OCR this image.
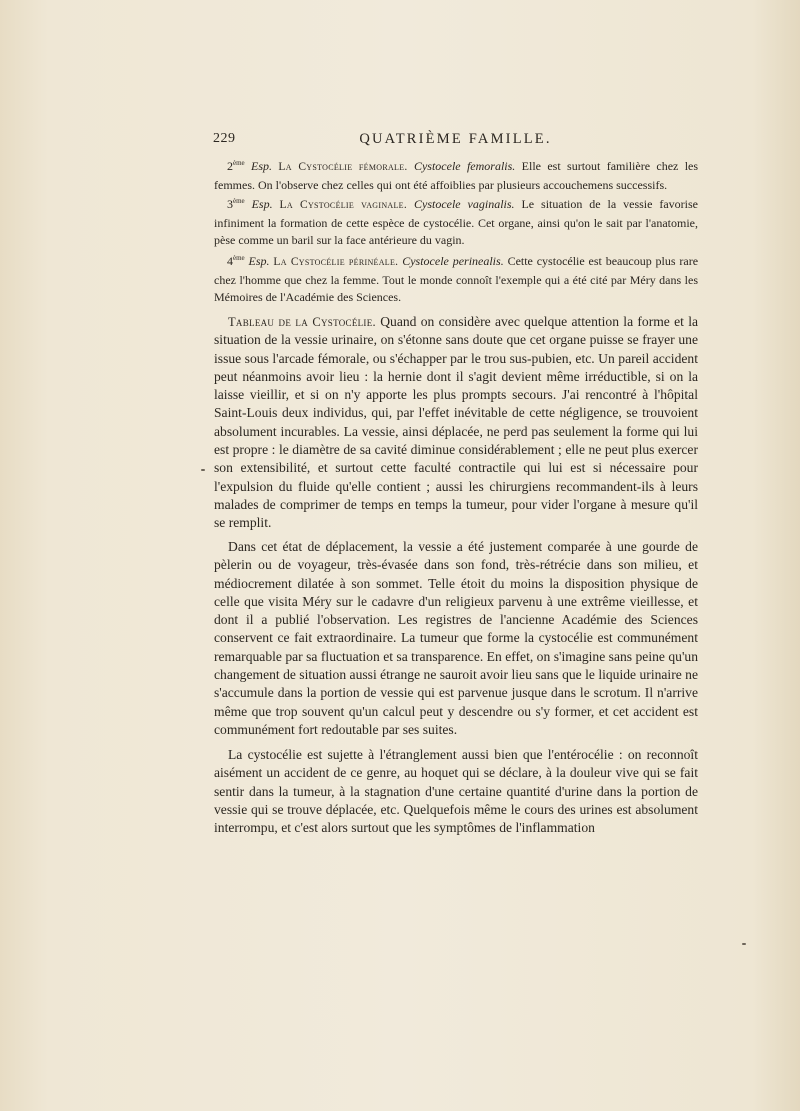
229	QUATRIÈME FAMILLE.
2ème Esp. La Cystocélie fémorale. Cystocele femoralis. Elle est surtout familière chez les femmes. On l'observe chez celles qui ont été affoiblies par plusieurs accouchemens successifs.
3ème Esp. La Cystocélie vaginale. Cystocele vaginalis. Le situation de la vessie favorise infiniment la formation de cette espèce de cystocélie. Cet organe, ainsi qu'on le sait par l'anatomie, pèse comme un baril sur la face antérieure du vagin.
4ème Esp. La Cystocélie périnéale. Cystocele perinealis. Cette cystocélie est beaucoup plus rare chez l'homme que chez la femme. Tout le monde connoît l'exemple qui a été cité par Méry dans les Mémoires de l'Académie des Sciences.
Tableau de la Cystocélie. Quand on considère avec quelque attention la forme et la situation de la vessie urinaire, on s'étonne sans doute que cet organe puisse se frayer une issue sous l'arcade fémorale, ou s'échapper par le trou sus-pubien, etc. Un pareil accident peut néanmoins avoir lieu : la hernie dont il s'agit devient même irréductible, si on la laisse vieillir, et si on n'y apporte les plus prompts secours. J'ai rencontré à l'hôpital Saint-Louis deux individus, qui, par l'effet inévitable de cette négligence, se trouvoient absolument incurables. La vessie, ainsi déplacée, ne perd pas seulement la forme qui lui est propre : le diamètre de sa cavité diminue considérablement ; elle ne peut plus exercer son extensibilité, et surtout cette faculté contractile qui lui est si nécessaire pour l'expulsion du fluide qu'elle contient ; aussi les chirurgiens recommandent-ils à leurs malades de comprimer de temps en temps la tumeur, pour vider l'organe à mesure qu'il se remplit.
Dans cet état de déplacement, la vessie a été justement comparée à une gourde de pèlerin ou de voyageur, très-évasée dans son fond, très-rétrécie dans son milieu, et médiocrement dilatée à son sommet. Telle étoit du moins la disposition physique de celle que visita Méry sur le cadavre d'un religieux parvenu à une extrême vieillesse, et dont il a publié l'observation. Les registres de l'ancienne Académie des Sciences conservent ce fait extraordinaire. La tumeur que forme la cystocélie est communément remarquable par sa fluctuation et sa transparence. En effet, on s'imagine sans peine qu'un changement de situation aussi étrange ne sauroit avoir lieu sans que le liquide urinaire ne s'accumule dans la portion de vessie qui est parvenue jusque dans le scrotum. Il n'arrive même que trop souvent qu'un calcul peut y descendre ou s'y former, et cet accident est communément fort redoutable par ses suites.
La cystocélie est sujette à l'étranglement aussi bien que l'entérocélie : on reconnoît aisément un accident de ce genre, au hoquet qui se déclare, à la douleur vive qui se fait sentir dans la tumeur, à la stagnation d'une certaine quantité d'urine dans la portion de vessie qui se trouve déplacée, etc. Quelquefois même le cours des urines est absolument interrompu, et c'est alors surtout que les symptômes de l'inflammation
